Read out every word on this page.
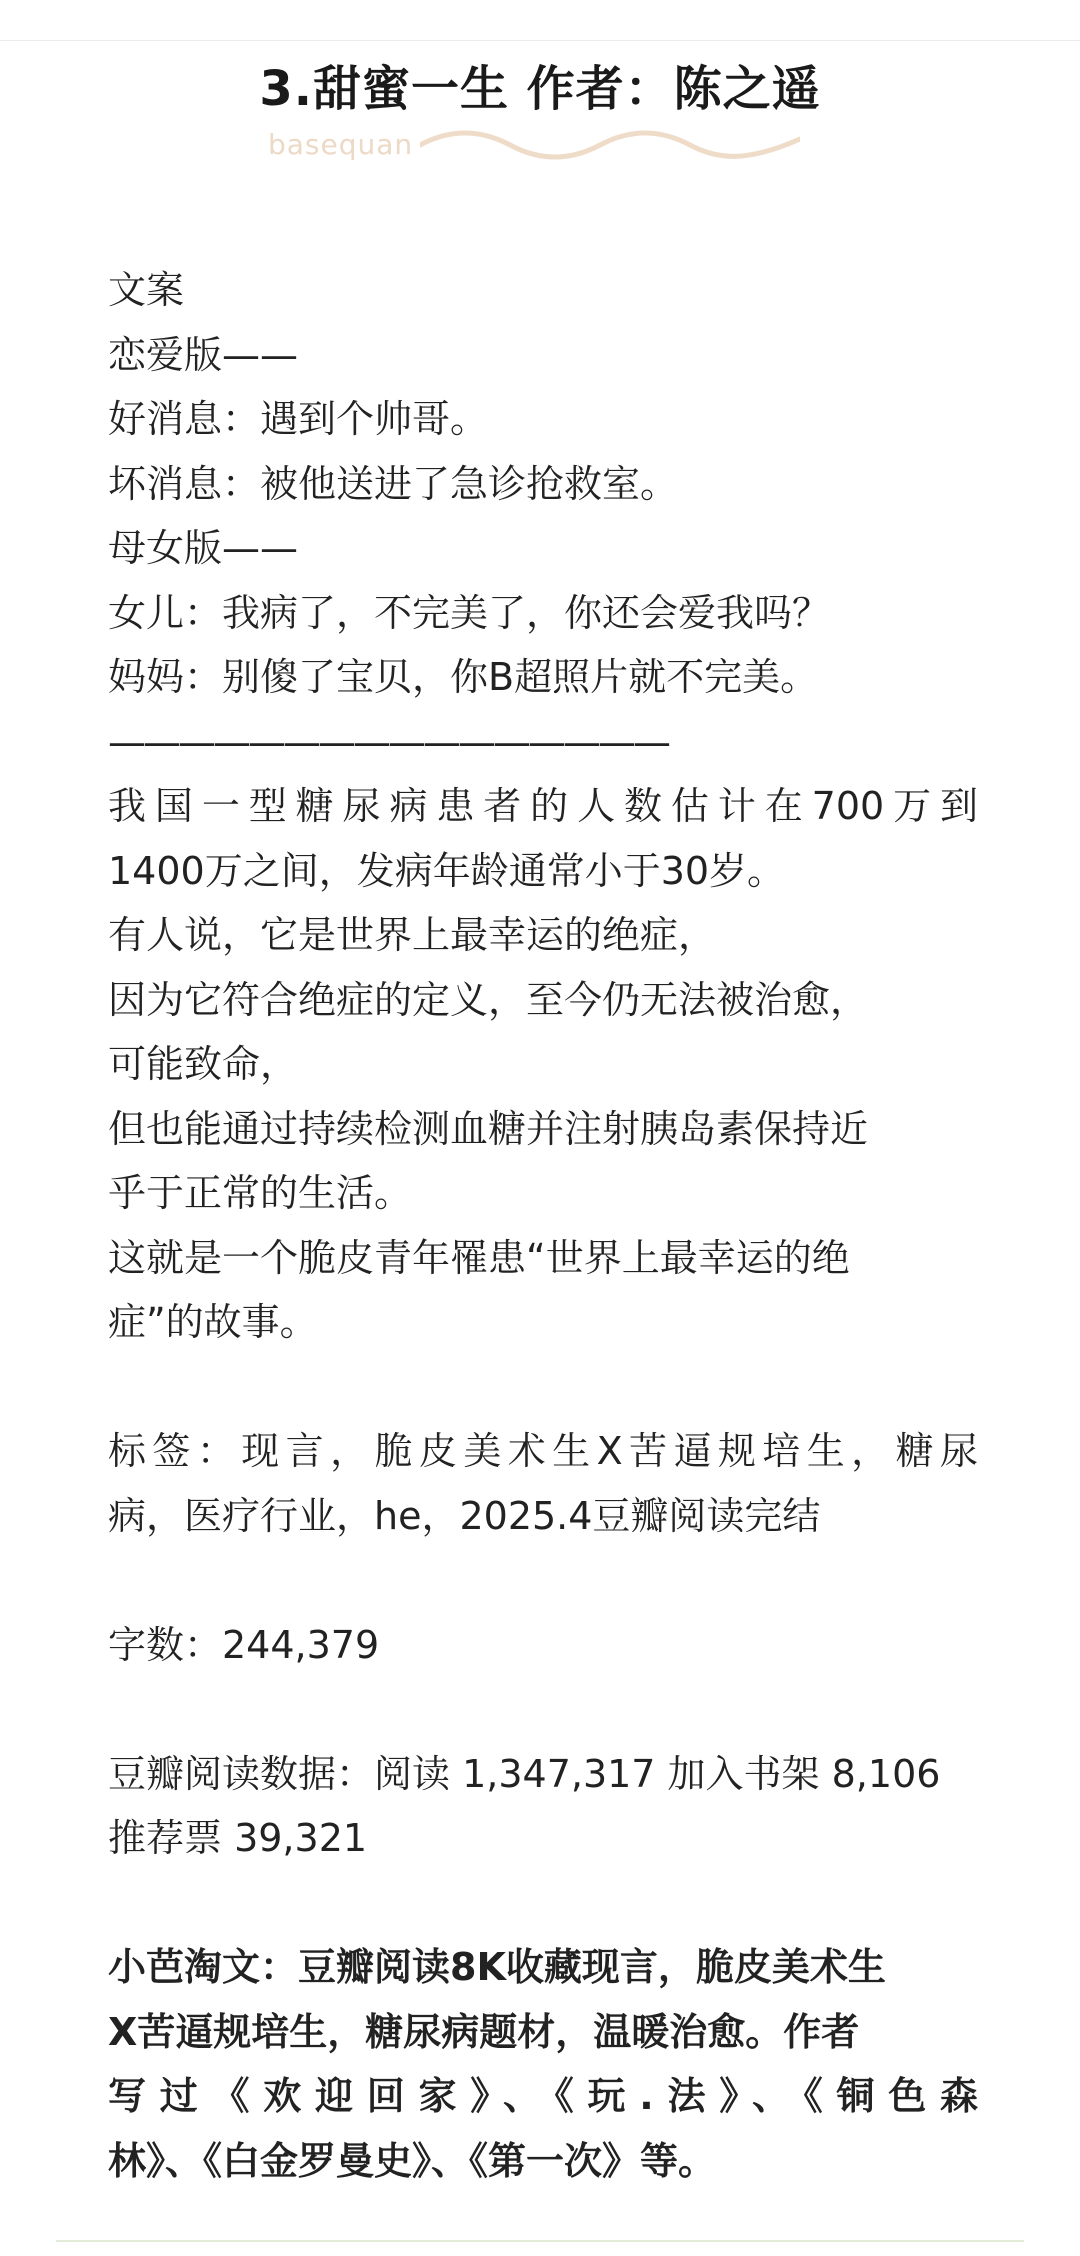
3.甜蜜一生 作者：陈之遥
basequan
文案
恋爱版——
好消息：遇到个帅哥。
坏消息：被他送进了急诊抢救室。
母女版——
女儿：我病了，不完美了，你还会爱我吗？
妈妈：别傻了宝贝，你B超照片就不完美。
————————————————
我国一型糖尿病患者的人数估计在700万到
1400万之间，发病年龄通常小于30岁。
有人说，它是世界上最幸运的绝症，
因为它符合绝症的定义，至今仍无法被治愈，
可能致命，
但也能通过持续检测血糖并注射胰岛素保持近
乎于正常的生活。
这就是一个脆皮青年罹患“世界上最幸运的绝
症”的故事。
标签：现言，脆皮美术生X苦逼规培生，糖尿
病，医疗行业，he，2025.4豆瓣阅读完结
字数：244,379
豆瓣阅读数据：阅读 1,347,317 加入书架 8,106
推荐票 39,321
小芭淘文：豆瓣阅读8K收藏现言，脆皮美术生
X苦逼规培生，糖尿病题材，温暖治愈。作者
写过《欢迎回家》、《玩.法》、《铜色森
林》、《白金罗曼史》、《第一次》等。
